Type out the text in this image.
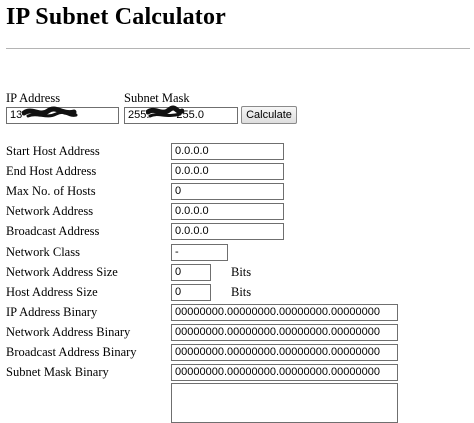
IP Subnet Calculator
IP Address	Subnet Mask
13	255. 255.0	Calculate
Start Host Address	0.0.0.0
End Host Address	0.0.0.0
Max No. of Hosts	0
Network Address	0.0.0.0
Broadcast Address	0.0.0.0
Network Class	-
Network Address Size	0	Bits
Host Address Size	0	Bits
IP Address Binary	00000000.00000000.00000000.00000000
Network Address Binary	00000000.00000000.00000000.00000000
Broadcast Address Binary	00000000.00000000.00000000.00000000
Subnet Mask Binary	00000000.00000000.00000000.00000000
